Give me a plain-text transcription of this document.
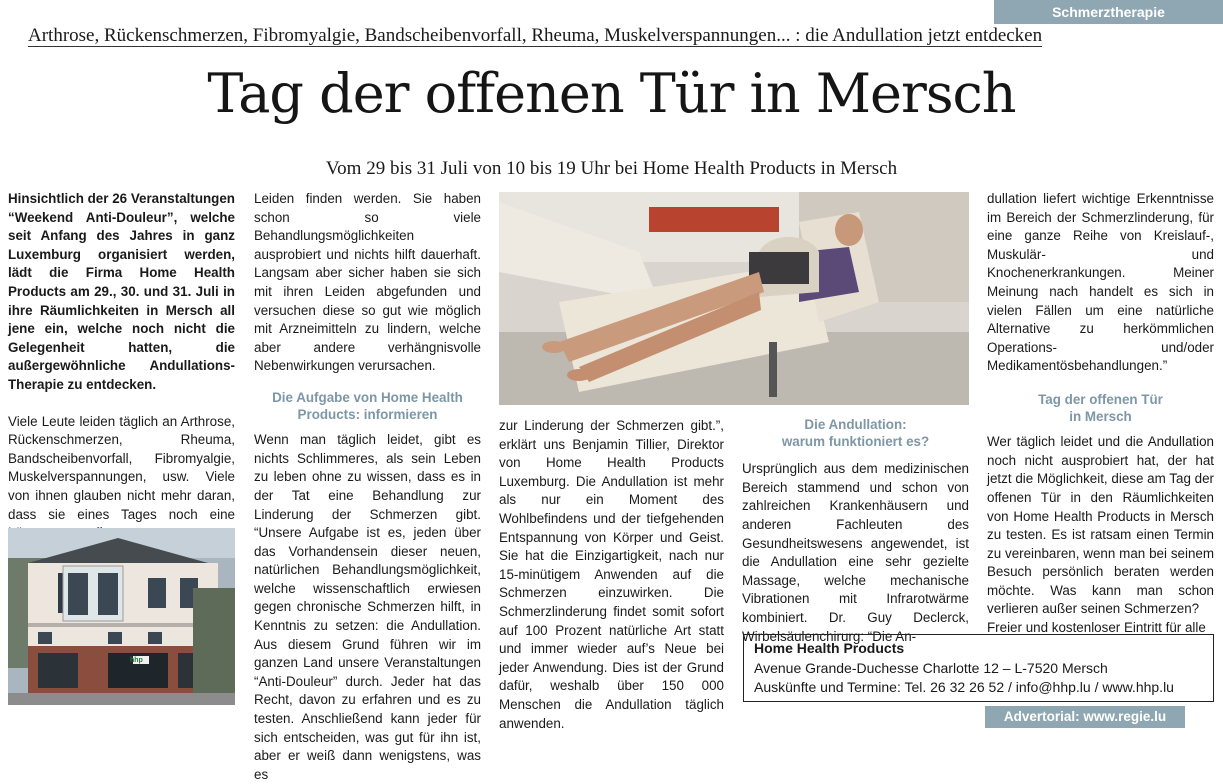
Schmerztherapie
Arthrose, Rückenschmerzen, Fibromyalgie, Bandscheibenvorfall, Rheuma, Muskelverspannungen... : die Andullation jetzt entdecken
Tag der offenen Tür in Mersch
Vom 29 bis 31 Juli von 10 bis 19 Uhr bei Home Health Products in Mersch

Hinsichtlich der 26 Veranstaltungen “Weekend Anti-Douleur”, welche seit Anfang des Jahres in ganz Luxemburg organisiert werden, lädt die Firma Home Health Products am 29., 30. und 31. Juli in ihre Räumlichkeiten in Mersch all jene ein, welche noch nicht die Gelegenheit hatten, die außergewöhnliche Andullations-Therapie zu entdecken.

Viele Leute leiden täglich an Arthrose, Rückenschmerzen, Rheuma, Bandscheibenvorfall, Fibromyalgie, Muskelverspannungen, usw. Viele von ihnen glauben nicht mehr daran, dass sie eines Tages noch eine

hhp

Leiden finden werden. Sie haben schon so viele Behandlungsmöglichkeiten ausprobiert und nichts hilft dauerhaft. Langsam aber sicher haben sie sich mit ihren Leiden abgefunden und versuchen diese so gut wie möglich mit Arzneimitteln zu lindern, welche aber andere verhängnisvolle Nebenwirkungen verursachen.

Die Aufgabe von Home Health
Products: informieren

Wenn man täglich leidet, gibt es nichts Schlimmeres, als sein Leben zu leben ohne zu wissen, dass es in der Tat eine Behandlung zur Linderung der Schmerzen gibt. “Unsere Aufgabe ist es, jeden über das Vorhandensein dieser neuen, natürlichen Behandlungsmöglichkeit, welche wissenschaftlich erwiesen gegen chronische Schmerzen hilft, in Kenntnis zu setzen: die Andullation. Aus diesem Grund führen wir im ganzen Land unsere Veranstaltungen “Anti-Douleur” durch. Jeder hat das Recht, davon zu erfahren und es zu testen. Anschließend kann jeder für sich entscheiden, was gut für ihn ist, aber er weiß dann wenigstens, was es

zur Linderung der Schmerzen gibt.”, erklärt uns Benjamin Tillier, Direktor von Home Health Products Luxemburg. Die Andullation ist mehr als nur ein Moment des Wohlbefindens und der tiefgehenden Entspannung von Körper und Geist. Sie hat die Einzigartigkeit, nach nur 15-minütigem Anwenden auf die Schmerzen einzuwirken. Die Schmerzlinderung findet somit sofort auf 100 Prozent natürliche Art statt und immer wieder auf’s Neue bei jeder Anwendung. Dies ist der Grund dafür, weshalb über 150 000 Menschen die Andullation täglich anwenden.

Die Andullation:
warum funktioniert es?

Ursprünglich aus dem medizinischen Bereich stammend und schon von zahlreichen Krankenhäusern und anderen Fachleuten des Gesundheitswesens angewendet, ist die Andullation eine sehr gezielte Massage, welche mechanische Vibrationen mit Infrarotwärme kombiniert. Dr. Guy Declerck, Wirbelsäulenchirurg: “Die An-

dullation liefert wichtige Erkenntnisse im Bereich der Schmerzlinderung, für eine ganze Reihe von Kreislauf-, Muskulär- und Knochenerkrankungen. Meiner Meinung nach handelt es sich in vielen Fällen um eine natürliche Alternative zu herkömmlichen Operations- und/oder Medikamentösbehandlungen.”

Tag der offenen Tür
in Mersch

Wer täglich leidet und die Andullation noch nicht ausprobiert hat, der hat jetzt die Möglichkeit, diese am Tag der offenen Tür in den Räumlichkeiten von Home Health Products in Mersch zu testen. Es ist ratsam einen Termin zu vereinbaren, wenn man bei seinem Besuch persönlich beraten werden möchte. Was kann man schon verlieren außer seinen Schmerzen?

Freier und kostenloser Eintritt für alle

Home Health Products
Avenue Grande-Duchesse Charlotte 12 – L-7520 Mersch
Auskünfte und Termine: Tel. 26 32 26 52 / info@hhp.lu / www.hhp.lu
Advertorial: www.regie.lu
